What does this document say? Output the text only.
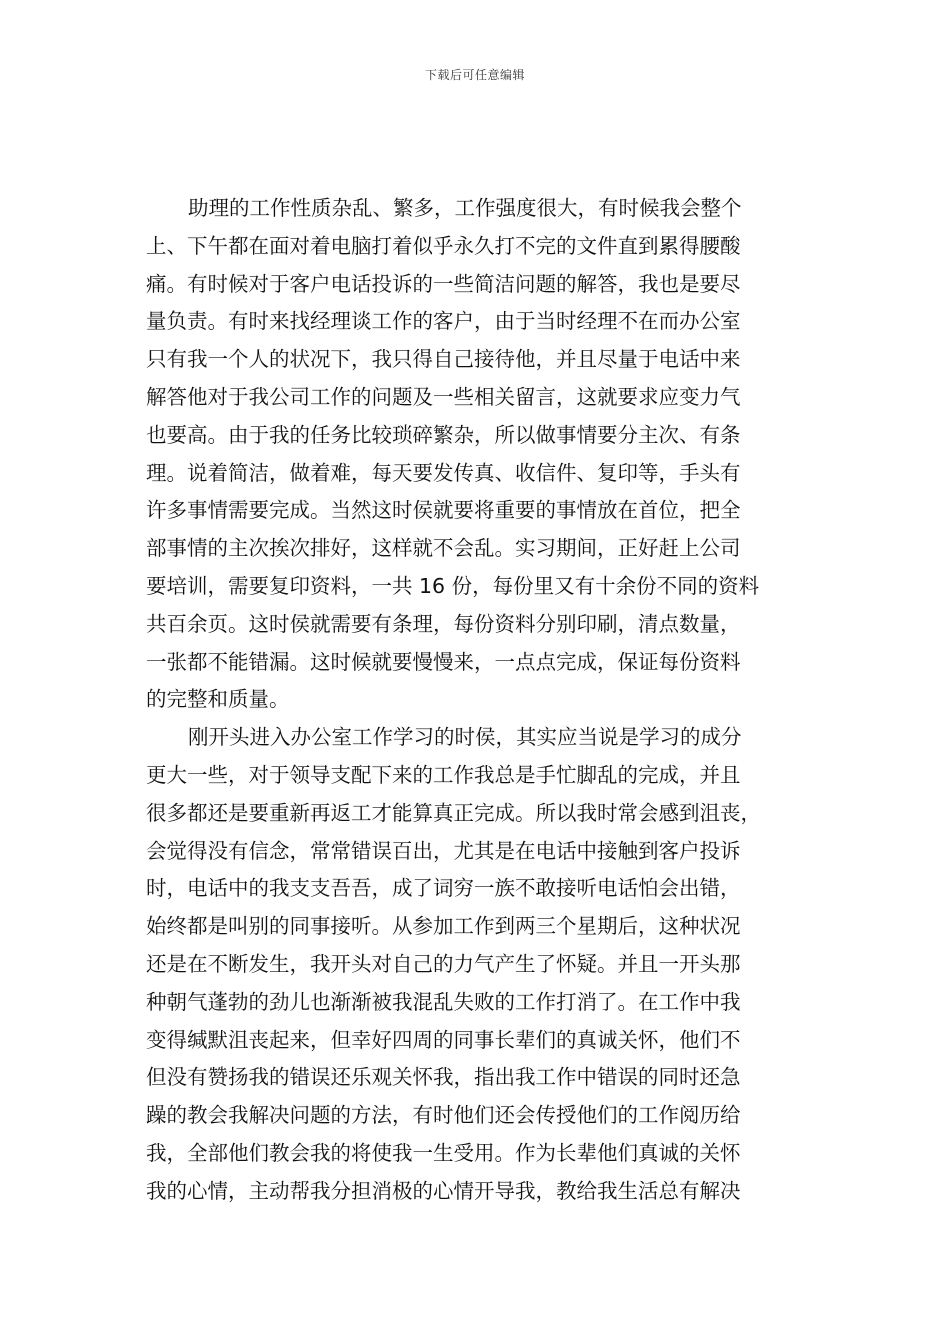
下载后可任意编辑
助理的工作性质杂乱、繁多，工作强度很大，有时候我会整个
上、下午都在面对着电脑打着似乎永久打不完的文件直到累得腰酸
痛。有时候对于客户电话投诉的一些简洁问题的解答，我也是要尽
量负责。有时来找经理谈工作的客户，由于当时经理不在而办公室
只有我一个人的状况下，我只得自己接待他，并且尽量于电话中来
解答他对于我公司工作的问题及一些相关留言，这就要求应变力气
也要高。由于我的任务比较琐碎繁杂，所以做事情要分主次、有条
理。说着简洁，做着难，每天要发传真、收信件、复印等，手头有
许多事情需要完成。当然这时侯就要将重要的事情放在首位，把全
部事情的主次挨次排好，这样就不会乱。实习期间，正好赶上公司
要培训，需要复印资料，一共 16 份，每份里又有十余份不同的资料
共百余页。这时侯就需要有条理，每份资料分别印刷，清点数量，
一张都不能错漏。这时候就要慢慢来，一点点完成，保证每份资料
的完整和质量。
刚开头进入办公室工作学习的时侯，其实应当说是学习的成分
更大一些，对于领导支配下来的工作我总是手忙脚乱的完成，并且
很多都还是要重新再返工才能算真正完成。所以我时常会感到沮丧，
会觉得没有信念，常常错误百出，尤其是在电话中接触到客户投诉
时，电话中的我支支吾吾，成了词穷一族不敢接听电话怕会出错，
始终都是叫别的同事接听。从参加工作到两三个星期后，这种状况
还是在不断发生，我开头对自己的力气产生了怀疑。并且一开头那
种朝气蓬勃的劲儿也渐渐被我混乱失败的工作打消了。在工作中我
变得缄默沮丧起来，但幸好四周的同事长辈们的真诚关怀，他们不
但没有赞扬我的错误还乐观关怀我，指出我工作中错误的同时还急
躁的教会我解决问题的方法，有时他们还会传授他们的工作阅历给
我，全部他们教会我的将使我一生受用。作为长辈他们真诚的关怀
我的心情，主动帮我分担消极的心情开导我，教给我生活总有解决
